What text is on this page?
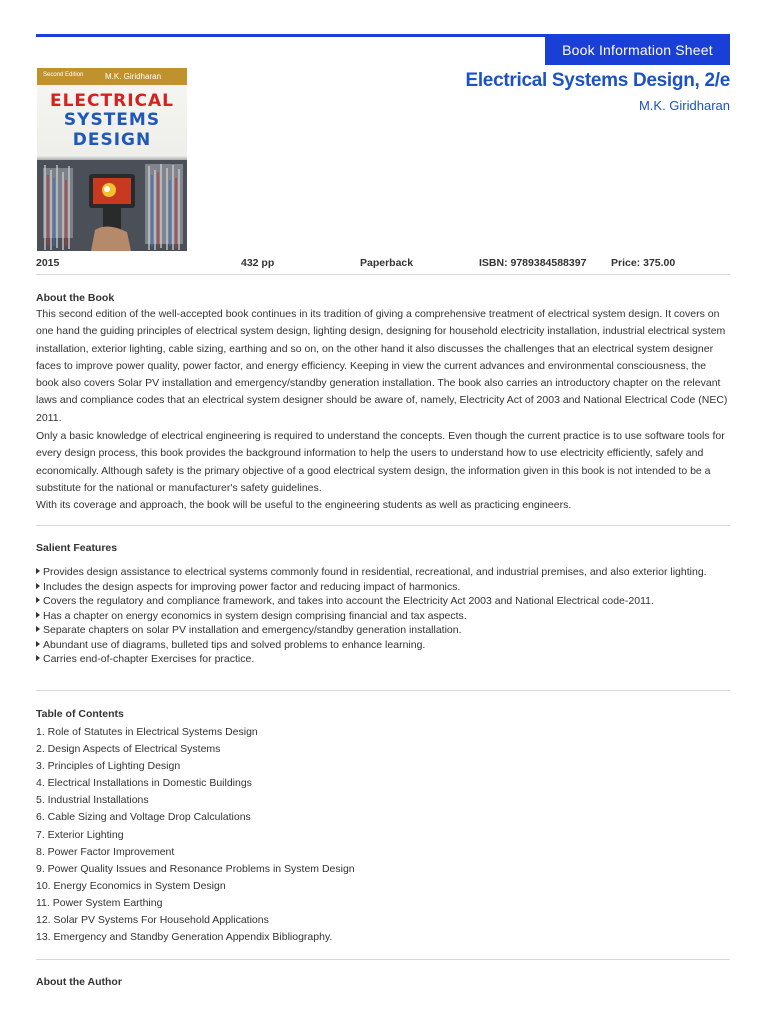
Book Information Sheet
Second Edition	M.K. Giridharan
ELECTRICAL
SYSTEMS
DESIGN
Electrical Systems Design, 2/e
M.K. Giridharan
2015	432 pp	Paperback	ISBN: 9789384588397 Price: 375.00
About the Book

This second edition of the well-accepted book continues in its tradition of giving a comprehensive treatment of electrical system design. It covers on one hand the guiding principles of electrical system design, lighting design, designing for household electricity installation, industrial electrical system installation, exterior lighting, cable sizing, earthing and so on, on the other hand it also discusses the challenges that an electrical system designer faces to improve power quality, power factor, and energy efficiency. Keeping in view the current advances and environmental consciousness, the book also covers Solar PV installation and emergency/standby generation installation. The book also carries an introductory chapter on the relevant laws and compliance codes that an electrical system designer should be aware of, namely, Electricity Act of 2003 and National Electrical Code (NEC) 2011.

Only a basic knowledge of electrical engineering is required to understand the concepts. Even though the current practice is to use software tools for every design process, this book provides the background information to help the users to understand how to use electricity efficiently, safely and economically. Although safety is the primary objective of a good electrical system design, the information given in this book is not intended to be a substitute for the national or manufacturer's safety guidelines.

With its coverage and approach, the book will be useful to the engineering students as well as practicing engineers.

Salient Features
Provides design assistance to electrical systems commonly found in residential, recreational, and industrial premises, and also exterior lighting.
Includes the design aspects for improving power factor and reducing impact of harmonics.
Covers the regulatory and compliance framework, and takes into account the Electricity Act 2003 and National Electrical code-2011.
Has a chapter on energy economics in system design comprising financial and tax aspects.
Separate chapters on solar PV installation and emergency/standby generation installation.
Abundant use of diagrams, bulleted tips and solved problems to enhance learning.
Carries end-of-chapter Exercises for practice.
Table of Contents
1. Role of Statutes in Electrical Systems Design
2. Design Aspects of Electrical Systems
3. Principles of Lighting Design
4. Electrical Installations in Domestic Buildings
5. Industrial Installations
6. Cable Sizing and Voltage Drop Calculations
7. Exterior Lighting
8. Power Factor Improvement
9. Power Quality Issues and Resonance Problems in System Design
10. Energy Economics in System Design
11. Power System Earthing
12. Solar PV Systems For Household Applications
13. Emergency and Standby Generation Appendix Bibliography.
About the Author
